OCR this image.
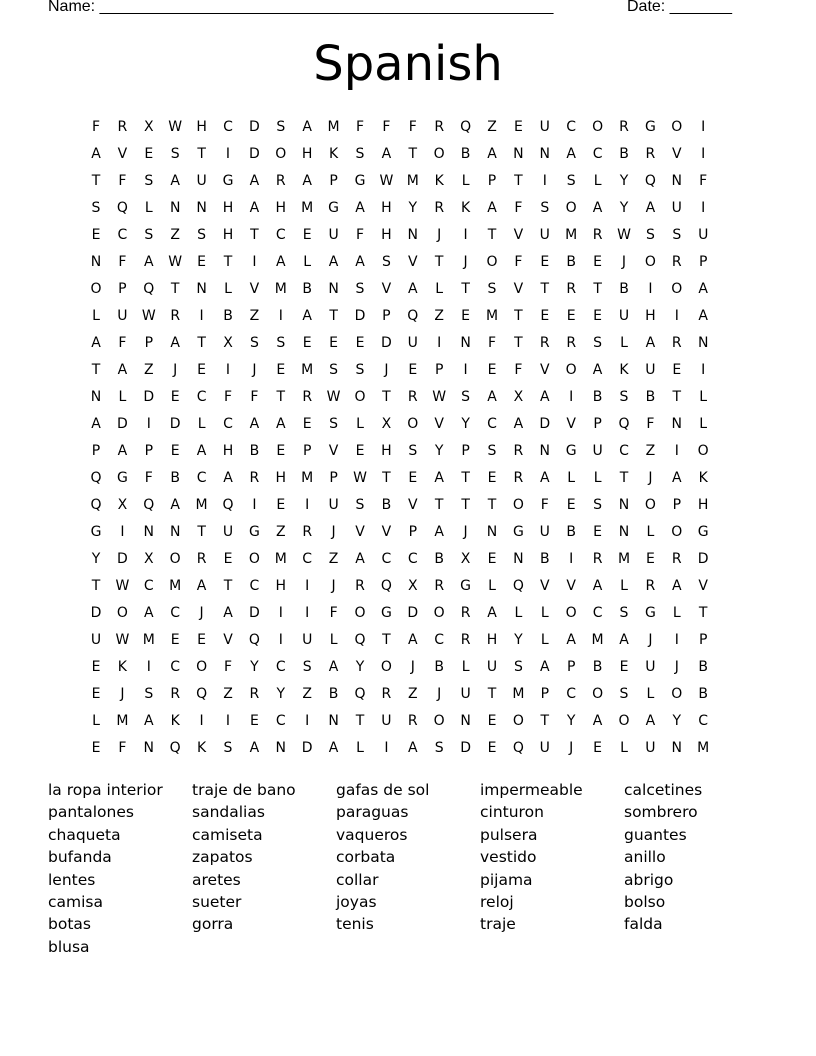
Name: ___________________________________________________	Date: _______
Spanish
F	R	X	W	H	C	D	S	A	M	F	F	F	R	Q	Z	E	U	C	O	R	G	O	I
A	V	E	S	T	I	D	O	H	K	S	A	T	O	B	A	N	N	A	C	B	R	V	I
T	F	S	A	U	G	A	R	A	P	G	W M	K	L	P	T	I	S	L	Y	Q	N	F
S	Q	L	N	N	H	A	H	M	G	A	H	Y	R	K	A	F	S	O	A	Y	A	U	I
E	C	S	Z	S	H	T	C	E	U	F	H	N	J	I	T	V	U	M	R	W	S	S	U
N	F	A	W	E	T	I	A	L	A	A	S	V	T	J	O	F	E	B	E	J	O	R	P
O	P	Q	T	N	L	V	M	B	N	S	V	A	L	T	S	V	T	R	T	B	I	O	A
L	U	W	R	I	B	Z	I	A	T	D	P	Q	Z	E	M	T	E	E	E	U	H	I	A
A	F	P	A	T	X	S	S	E	E	E	D	U	I	N	F	T	R	R	S	L	A	R	N
T	A	Z	J	E	I	J	E	M	S	S	J	E	P	I	E	F	V	O	A	K	U	E	I
N	L	D	E	C	F	F	T	R	W O	T	R	W	S	A	X	A	I	B	S	B	T	L
A	D	I	D	L	C	A	A	E	S	L	X	O	V	Y	C	A	D	V	P	Q	F	N	L
P	A	P	E	A	H	B	E	P	V	E	H	S	Y	P	S	R	N	G	U	C	Z	I	O
Q	G	F	B	C	A	R	H	M	P	W	T	E	A	T	E	R	A	L	L	T	J	A	K
Q	X	Q	A	M	Q	I	E	I	U	S	B	V	T	T	T	O	F	E	S	N	O	P	H
G	I	N	N	T	U	G	Z	R	J	V	V	P	A	J	N	G	U	B	E	N	L	O	G
Y	D	X	O	R	E	O	M	C	Z	A	C	C	B	X	E	N	B	I	R	M	E	R	D
T	W	C	M	A	T	C	H	I	J	R	Q	X	R	G	L	Q	V	V	A	L	R	A	V
D	O	A	C	J	A	D	I	I	F	O	G	D	O	R	A	L	L	O	C	S	G	L	T
U	W M	E	E	V	Q	I	U	L	Q	T	A	C	R	H	Y	L	A	M	A	J	I	P
E	K	I	C	O	F	Y	C	S	A	Y	O	J	B	L	U	S	A	P	B	E	U	J	B
E	J	S	R	Q	Z	R	Y	Z	B	Q	R	Z	J	U	T	M	P	C	O	S	L	O	B
L	M	A	K	I	I	E	C	I	N	T	U	R	O	N	E	O	T	Y	A	O	A	Y	C
E	F	N	Q	K	S	A	N	D	A	L	I	A	S	D	E	Q	U	J	E	L	U	N	M
la ropa interior
pantalones
chaqueta
bufanda
lentes
camisa
botas
blusa
traje de bano
sandalias
camiseta
zapatos
aretes
sueter
gorra
gafas de sol
paraguas
vaqueros
corbata
collar
joyas
tenis
impermeable
cinturon
pulsera
vestido
pijama
reloj
traje
calcetines
sombrero
guantes
anillo
abrigo
bolso
falda
